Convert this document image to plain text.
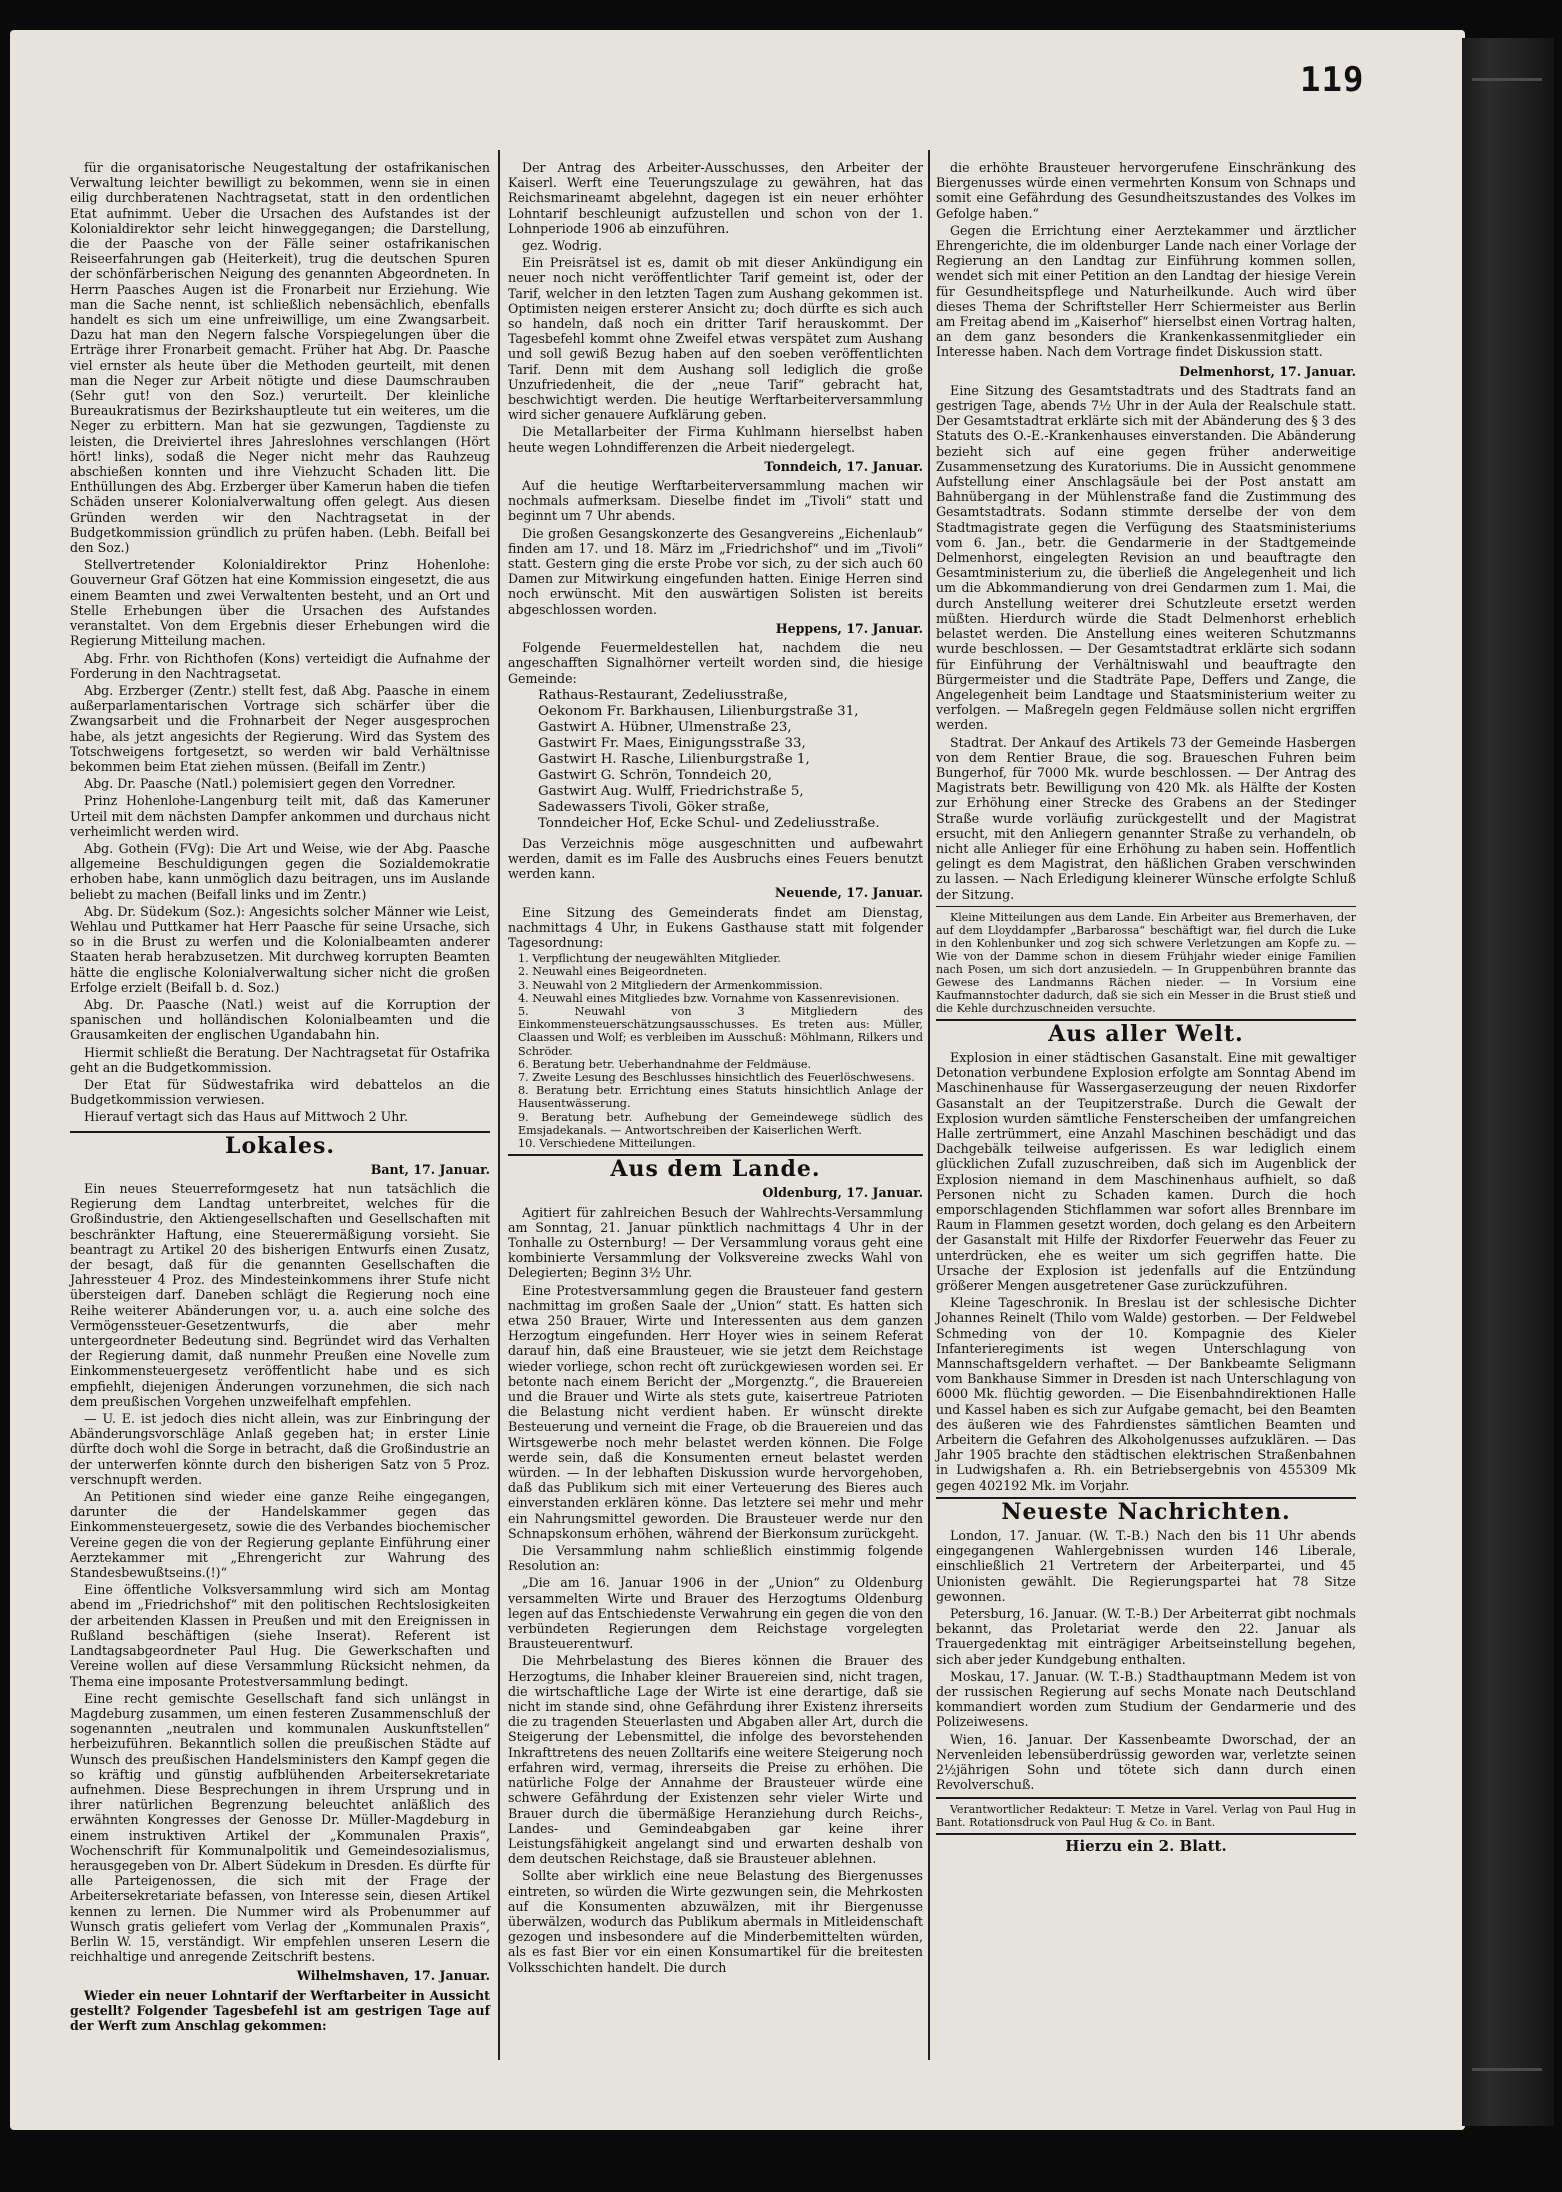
119

für die organisatorische Neugestaltung der ostafrikanischen Verwaltung leichter bewilligt zu bekommen, wenn sie in einen eilig durchberatenen Nachtragsetat, statt in den ordentlichen Etat aufnimmt. Ueber die Ursachen des Aufstandes ist der Kolonialdirektor sehr leicht hinweggegangen; die Darstellung, die der Paasche von der Fälle seiner ostafrikanischen Reiseerfahrungen gab (Heiterkeit), trug die deutschen Spuren der schönfärberischen Neigung des genannten Abgeordneten. In Herrn Paasches Augen ist die Fronarbeit nur Erziehung. Wie man die Sache nennt, ist schließlich nebensächlich, ebenfalls handelt es sich um eine unfreiwillige, um eine Zwangsarbeit. Dazu hat man den Negern falsche Vorspiegelungen über die Erträge ihrer Fronarbeit gemacht. Früher hat Abg. Dr. Paasche viel ernster als heute über die Methoden geurteilt, mit denen man die Neger zur Arbeit nötigte und diese Daumschrauben (Sehr gut! von den Soz.) verurteilt. Der kleinliche Bureaukratismus der Bezirkshauptleute tut ein weiteres, um die Neger zu erbittern. Man hat sie gezwungen, Tagdienste zu leisten, die Dreiviertel ihres Jahreslohnes verschlangen (Hört hört! links), sodaß die Neger nicht mehr das Rauhzeug abschießen konnten und ihre Viehzucht Schaden litt. Die Enthüllungen des Abg. Erzberger über Kamerun haben die tiefen Schäden unserer Kolonialverwaltung offen gelegt. Aus diesen Gründen werden wir den Nachtragsetat in der Budgetkommission gründlich zu prüfen haben. (Lebh. Beifall bei den Soz.)

Stellvertretender Kolonialdirektor Prinz Hohenlohe: Gouverneur Graf Götzen hat eine Kommission eingesetzt, die aus einem Beamten und zwei Verwaltenten besteht, und an Ort und Stelle Erhebungen über die Ursachen des Aufstandes veranstaltet. Von dem Ergebnis dieser Erhebungen wird die Regierung Mitteilung machen.

Abg. Frhr. von Richthofen (Kons) verteidigt die Aufnahme der Forderung in den Nachtragsetat.

Abg. Erzberger (Zentr.) stellt fest, daß Abg. Paasche in einem außerparlamentarischen Vortrage sich schärfer über die Zwangsarbeit und die Frohnarbeit der Neger ausgesprochen habe, als jetzt angesichts der Regierung. Wird das System des Totschweigens fortgesetzt, so werden wir bald Verhältnisse bekommen beim Etat ziehen müssen. (Beifall im Zentr.)

Abg. Dr. Paasche (Natl.) polemisiert gegen den Vorredner.

Prinz Hohenlohe-Langenburg teilt mit, daß das Kameruner Urteil mit dem nächsten Dampfer ankommen und durchaus nicht verheimlicht werden wird.

Abg. Gothein (FVg): Die Art und Weise, wie der Abg. Paasche allgemeine Beschuldigungen gegen die Sozialdemokratie erhoben habe, kann unmöglich dazu beitragen, uns im Auslande beliebt zu machen (Beifall links und im Zentr.)

Abg. Dr. Südekum (Soz.): Angesichts solcher Männer wie Leist, Wehlau und Puttkamer hat Herr Paasche für seine Ursache, sich so in die Brust zu werfen und die Kolonialbeamten anderer Staaten herab herabzusetzen. Mit durchweg korrupten Beamten hätte die englische Kolonialverwaltung sicher nicht die großen Erfolge erzielt (Beifall b. d. Soz.)

Abg. Dr. Paasche (Natl.) weist auf die Korruption der spanischen und holländischen Kolonialbeamten und die Grausamkeiten der englischen Ugandabahn hin.

Hiermit schließt die Beratung. Der Nachtragsetat für Ostafrika geht an die Budgetkommission.

Der Etat für Südwestafrika wird debattelos an die Budgetkommission verwiesen.

Hierauf vertagt sich das Haus auf Mittwoch 2 Uhr.

Lokales.
Bant, 17. Januar.

Ein neues Steuerreformgesetz hat nun tatsächlich die Regierung dem Landtag unterbreitet, welches für die Großindustrie, den Aktiengesellschaften und Gesellschaften mit beschränkter Haftung, eine Steuerermäßigung vorsieht. Sie beantragt zu Artikel 20 des bisherigen Entwurfs einen Zusatz, der besagt, daß für die genannten Gesellschaften die Jahressteuer 4 Proz. des Mindesteinkommens ihrer Stufe nicht übersteigen darf. Daneben schlägt die Regierung noch eine Reihe weiterer Abänderungen vor, u. a. auch eine solche des Vermögenssteuer-Gesetzentwurfs, die aber mehr untergeordneter Bedeutung sind. Begründet wird das Verhalten der Regierung damit, daß nunmehr Preußen eine Novelle zum Einkommensteuergesetz veröffentlicht habe und es sich empfiehlt, diejenigen Änderungen vorzunehmen, die sich nach dem preußischen Vorgehen unzweifelhaft empfehlen.

— U. E. ist jedoch dies nicht allein, was zur Einbringung der Abänderungsvorschläge Anlaß gegeben hat; in erster Linie dürfte doch wohl die Sorge in betracht, daß die Großindustrie an der unterwerfen könnte durch den bisherigen Satz von 5 Proz. verschnupft werden.

An Petitionen sind wieder eine ganze Reihe eingegangen, darunter die der Handelskammer gegen das Einkommensteuergesetz, sowie die des Verbandes biochemischer Vereine gegen die von der Regierung geplante Einführung einer Aerztekammer mit „Ehrengericht zur Wahrung des Standesbewußtseins.(!)“

Eine öffentliche Volksversammlung wird sich am Montag abend im „Friedrichshof“ mit den politischen Rechtslosigkeiten der arbeitenden Klassen in Preußen und mit den Ereignissen in Rußland beschäftigen (siehe Inserat). Referent ist Landtagsabgeordneter Paul Hug. Die Gewerkschaften und Vereine wollen auf diese Versammlung Rücksicht nehmen, da Thema eine imposante Protestversammlung bedingt.

Eine recht gemischte Gesellschaft fand sich unlängst in Magdeburg zusammen, um einen festeren Zusammenschluß der sogenannten „neutralen und kommunalen Auskunftstellen“ herbeizuführen. Bekanntlich sollen die preußischen Städte auf Wunsch des preußischen Handelsministers den Kampf gegen die so kräftig und günstig aufblühenden Arbeitersekretariate aufnehmen. Diese Besprechungen in ihrem Ursprung und in ihrer natürlichen Begrenzung beleuchtet anläßlich des erwähnten Kongresses der Genosse Dr. Müller-Magdeburg in einem instruktiven Artikel der „Kommunalen Praxis“, Wochenschrift für Kommunalpolitik und Gemeindesozialismus, herausgegeben von Dr. Albert Südekum in Dresden. Es dürfte für alle Parteigenossen, die sich mit der Frage der Arbeitersekretariate befassen, von Interesse sein, diesen Artikel kennen zu lernen. Die Nummer wird als Probenummer auf Wunsch gratis geliefert vom Verlag der „Kommunalen Praxis“, Berlin W. 15, verständigt. Wir empfehlen unseren Lesern die reichhaltige und anregende Zeitschrift bestens.

Wilhelmshaven, 17. Januar.

Wieder ein neuer Lohntarif der Werftarbeiter in Aussicht gestellt? Folgender Tagesbefehl ist am gestrigen Tage auf der Werft zum Anschlag gekommen:

Der Antrag des Arbeiter-Ausschusses, den Arbeiter der Kaiserl. Werft eine Teuerungszulage zu gewähren, hat das Reichsmarineamt abgelehnt, dagegen ist ein neuer erhöhter Lohntarif beschleunigt aufzustellen und schon von der 1. Lohnperiode 1906 ab einzuführen.

gez. Wodrig.

Ein Preisrätsel ist es, damit ob mit dieser Ankündigung ein neuer noch nicht veröffentlichter Tarif gemeint ist, oder der Tarif, welcher in den letzten Tagen zum Aushang gekommen ist. Optimisten neigen ersterer Ansicht zu; doch dürfte es sich auch so handeln, daß noch ein dritter Tarif herauskommt. Der Tagesbefehl kommt ohne Zweifel etwas verspätet zum Aushang und soll gewiß Bezug haben auf den soeben veröffentlichten Tarif. Denn mit dem Aushang soll lediglich die große Unzufriedenheit, die der „neue Tarif“ gebracht hat, beschwichtigt werden. Die heutige Werftarbeiterversammlung wird sicher genauere Aufklärung geben.

Die Metallarbeiter der Firma Kuhlmann hierselbst haben heute wegen Lohndifferenzen die Arbeit niedergelegt.

Tonndeich, 17. Januar.

Auf die heutige Werftarbeiterversammlung machen wir nochmals aufmerksam. Dieselbe findet im „Tivoli“ statt und beginnt um 7 Uhr abends.

Die großen Gesangskonzerte des Gesangvereins „Eichenlaub“ finden am 17. und 18. März im „Friedrichshof“ und im „Tivoli“ statt. Gestern ging die erste Probe vor sich, zu der sich auch 60 Damen zur Mitwirkung eingefunden hatten. Einige Herren sind noch erwünscht. Mit den auswärtigen Solisten ist bereits abgeschlossen worden.

Heppens, 17. Januar.

Folgende Feuermeldestellen hat, nachdem die neu angeschafften Signalhörner verteilt worden sind, die hiesige Gemeinde:

Rathaus-Restaurant, Zedeliusstraße,
Oekonom Fr. Barkhausen, Lilienburgstraße 31,
Gastwirt A. Hübner, Ulmenstraße 23,
Gastwirt Fr. Maes, Einigungsstraße 33,
Gastwirt H. Rasche, Lilienburgstraße 1,
Gastwirt G. Schrön, Tonndeich 20,
Gastwirt Aug. Wulff, Friedrichstraße 5,
Sadewassers Tivoli, Göker straße,
Tonndeicher Hof, Ecke Schul- und Zedeliusstraße.

Das Verzeichnis möge ausgeschnitten und aufbewahrt werden, damit es im Falle des Ausbruchs eines Feuers benutzt werden kann.

Neuende, 17. Januar.

Eine Sitzung des Gemeinderats findet am Dienstag, nachmittags 4 Uhr, in Eukens Gasthause statt mit folgender Tagesordnung:

1. Verpflichtung der neugewählten Mitglieder.
2. Neuwahl eines Beigeordneten.
3. Neuwahl von 2 Mitgliedern der Armenkommission.
4. Neuwahl eines Mitgliedes bzw. Vornahme von Kassenrevisionen.
5. Neuwahl von 3 Mitgliedern des Einkommensteuerschätzungsausschusses. Es treten aus: Müller, Claassen und Wolf; es verbleiben im Ausschuß: Möhlmann, Rilkers und Schröder.
6. Beratung betr. Ueberhandnahme der Feldmäuse.
7. Zweite Lesung des Beschlusses hinsichtlich des Feuerlöschwesens.
8. Beratung betr. Errichtung eines Statuts hinsichtlich Anlage der Hausentwässerung.
9. Beratung betr. Aufhebung der Gemeindewege südlich des Emsjadekanals. — Antwortschreiben der Kaiserlichen Werft.
10. Verschiedene Mitteilungen.
Aus dem Lande.
Oldenburg, 17. Januar.

Agitiert für zahlreichen Besuch der Wahlrechts-Versammlung am Sonntag, 21. Januar pünktlich nachmittags 4 Uhr in der Tonhalle zu Osternburg! — Der Versammlung voraus geht eine kombinierte Versammlung der Volksvereine zwecks Wahl von Delegierten; Beginn 3½ Uhr.

Eine Protestversammlung gegen die Brausteuer fand gestern nachmittag im großen Saale der „Union“ statt. Es hatten sich etwa 250 Brauer, Wirte und Interessenten aus dem ganzen Herzogtum eingefunden. Herr Hoyer wies in seinem Referat darauf hin, daß eine Brausteuer, wie sie jetzt dem Reichstage wieder vorliege, schon recht oft zurückgewiesen worden sei. Er betonte nach einem Bericht der „Morgenztg.“, die Brauereien und die Brauer und Wirte als stets gute, kaisertreue Patrioten die Belastung nicht verdient haben. Er wünscht direkte Besteuerung und verneint die Frage, ob die Brauereien und das Wirtsgewerbe noch mehr belastet werden können. Die Folge werde sein, daß die Konsumenten erneut belastet werden würden. — In der lebhaften Diskussion wurde hervorgehoben, daß das Publikum sich mit einer Verteuerung des Bieres auch einverstanden erklären könne. Das letztere sei mehr und mehr ein Nahrungsmittel geworden. Die Brausteuer werde nur den Schnapskonsum erhöhen, während der Bierkonsum zurückgeht.

Die Versammlung nahm schließlich einstimmig folgende Resolution an:

„Die am 16. Januar 1906 in der „Union“ zu Oldenburg versammelten Wirte und Brauer des Herzogtums Oldenburg legen auf das Entschiedenste Verwahrung ein gegen die von den verbündeten Regierungen dem Reichstage vorgelegten Brausteuerentwurf.

Die Mehrbelastung des Bieres können die Brauer des Herzogtums, die Inhaber kleiner Brauereien sind, nicht tragen, die wirtschaftliche Lage der Wirte ist eine derartige, daß sie nicht im stande sind, ohne Gefährdung ihrer Existenz ihrerseits die zu tragenden Steuerlasten und Abgaben aller Art, durch die Steigerung der Lebensmittel, die infolge des bevorstehenden Inkrafttretens des neuen Zolltarifs eine weitere Steigerung noch erfahren wird, vermag, ihrerseits die Preise zu erhöhen. Die natürliche Folge der Annahme der Brausteuer würde eine schwere Gefährdung der Existenzen sehr vieler Wirte und Brauer durch die übermäßige Heranziehung durch Reichs-, Landes- und Gemindeabgaben gar keine ihrer Leistungsfähigkeit angelangt sind und erwarten deshalb von dem deutschen Reichstage, daß sie Brausteuer ablehnen.

Sollte aber wirklich eine neue Belastung des Biergenusses eintreten, so würden die Wirte gezwungen sein, die Mehrkosten auf die Konsumenten abzuwälzen, mit ihr Biergenusse überwälzen, wodurch das Publikum abermals in Mitleidenschaft gezogen und insbesondere auf die Minderbemittelten würden, als es fast Bier vor ein einen Konsumartikel für die breitesten Volksschichten handelt. Die durch

die erhöhte Brausteuer hervorgerufene Einschränkung des Biergenusses würde einen vermehrten Konsum von Schnaps und somit eine Gefährdung des Gesundheitszustandes des Volkes im Gefolge haben.“

Gegen die Errichtung einer Aerztekammer und ärztlicher Ehrengerichte, die im oldenburger Lande nach einer Vorlage der Regierung an den Landtag zur Einführung kommen sollen, wendet sich mit einer Petition an den Landtag der hiesige Verein für Gesundheitspflege und Naturheilkunde. Auch wird über dieses Thema der Schriftsteller Herr Schiermeister aus Berlin am Freitag abend im „Kaiserhof“ hierselbst einen Vortrag halten, an dem ganz besonders die Krankenkassenmitglieder ein Interesse haben. Nach dem Vortrage findet Diskussion statt.

Delmenhorst, 17. Januar.

Eine Sitzung des Gesamtstadtrats und des Stadtrats fand an gestrigen Tage, abends 7½ Uhr in der Aula der Realschule statt. Der Gesamtstadtrat erklärte sich mit der Abänderung des § 3 des Statuts des O.-E.-Krankenhauses einverstanden. Die Abänderung bezieht sich auf eine gegen früher anderweitige Zusammensetzung des Kuratoriums. Die in Aussicht genommene Aufstellung einer Anschlagsäule bei der Post anstatt am Bahnübergang in der Mühlenstraße fand die Zustimmung des Gesamtstadtrats. Sodann stimmte derselbe der von dem Stadtmagistrate gegen die Verfügung des Staatsministeriums vom 6. Jan., betr. die Gendarmerie in der Stadtgemeinde Delmenhorst, eingelegten Revision an und beauftragte den Gesamtministerium zu, die überließ die Angelegenheit und lich um die Abkommandierung von drei Gendarmen zum 1. Mai, die durch Anstellung weiterer drei Schutzleute ersetzt werden müßten. Hierdurch würde die Stadt Delmenhorst erheblich belastet werden. Die Anstellung eines weiteren Schutzmanns wurde beschlossen. — Der Gesamtstadtrat erklärte sich sodann für Einführung der Verhältniswahl und beauftragte den Bürgermeister und die Stadträte Pape, Deffers und Zange, die Angelegenheit beim Landtage und Staatsministerium weiter zu verfolgen. — Maßregeln gegen Feldmäuse sollen nicht ergriffen werden.

Stadtrat. Der Ankauf des Artikels 73 der Gemeinde Hasbergen von dem Rentier Braue, die sog. Braueschen Fuhren beim Bungerhof, für 7000 Mk. wurde beschlossen. — Der Antrag des Magistrats betr. Bewilligung von 420 Mk. als Hälfte der Kosten zur Erhöhung einer Strecke des Grabens an der Stedinger Straße wurde vorläufig zurückgestellt und der Magistrat ersucht, mit den Anliegern genannter Straße zu verhandeln, ob nicht alle Anlieger für eine Erhöhung zu haben sein. Hoffentlich gelingt es dem Magistrat, den häßlichen Graben verschwinden zu lassen. — Nach Erledigung kleinerer Wünsche erfolgte Schluß der Sitzung.

Kleine Mitteilungen aus dem Lande. Ein Arbeiter aus Bremerhaven, der auf dem Lloyddampfer „Barbarossa“ beschäftigt war, fiel durch die Luke in den Kohlenbunker und zog sich schwere Verletzungen am Kopfe zu. — Wie von der Damme schon in diesem Frühjahr wieder einige Familien nach Posen, um sich dort anzusiedeln. — In Gruppenbühren brannte das Gewese des Landmanns Rächen nieder. — In Vorsium eine Kaufmannstochter dadurch, daß sie sich ein Messer in die Brust stieß und die Kehle durchzuschneiden versuchte.

Aus aller Welt.

Explosion in einer städtischen Gasanstalt. Eine mit gewaltiger Detonation verbundene Explosion erfolgte am Sonntag Abend im Maschinenhause für Wassergaserzeugung der neuen Rixdorfer Gasanstalt an der Teupitzerstraße. Durch die Gewalt der Explosion wurden sämtliche Fensterscheiben der umfangreichen Halle zertrümmert, eine Anzahl Maschinen beschädigt und das Dachgebälk teilweise aufgerissen. Es war lediglich einem glücklichen Zufall zuzuschreiben, daß sich im Augenblick der Explosion niemand in dem Maschinenhaus aufhielt, so daß Personen nicht zu Schaden kamen. Durch die hoch emporschlagenden Stichflammen war sofort alles Brennbare im Raum in Flammen gesetzt worden, doch gelang es den Arbeitern der Gasanstalt mit Hilfe der Rixdorfer Feuerwehr das Feuer zu unterdrücken, ehe es weiter um sich gegriffen hatte. Die Ursache der Explosion ist jedenfalls auf die Entzündung größerer Mengen ausgetretener Gase zurückzuführen.

Kleine Tageschronik. In Breslau ist der schlesische Dichter Johannes Reinelt (Thilo vom Walde) gestorben. — Der Feldwebel Schmeding von der 10. Kompagnie des Kieler Infanterieregiments ist wegen Unterschlagung von Mannschaftsgeldern verhaftet. — Der Bankbeamte Seligmann vom Bankhause Simmer in Dresden ist nach Unterschlagung von 6000 Mk. flüchtig geworden. — Die Eisenbahndirektionen Halle und Kassel haben es sich zur Aufgabe gemacht, bei den Beamten des äußeren wie des Fahrdienstes sämtlichen Beamten und Arbeitern die Gefahren des Alkoholgenusses aufzuklären. — Das Jahr 1905 brachte den städtischen elektrischen Straßenbahnen in Ludwigshafen a. Rh. ein Betriebsergebnis von 455309 Mk gegen 402192 Mk. im Vorjahr.

Neueste Nachrichten.

London, 17. Januar. (W. T.-B.) Nach den bis 11 Uhr abends eingegangenen Wahlergebnissen wurden 146 Liberale, einschließlich 21 Vertretern der Arbeiterpartei, und 45 Unionisten gewählt. Die Regierungspartei hat 78 Sitze gewonnen.

Petersburg, 16. Januar. (W. T.-B.) Der Arbeiterrat gibt nochmals bekannt, das Proletariat werde den 22. Januar als Trauergedenktag mit einträgiger Arbeitseinstellung begehen, sich aber jeder Kundgebung enthalten.

Moskau, 17. Januar. (W. T.-B.) Stadthauptmann Medem ist von der russischen Regierung auf sechs Monate nach Deutschland kommandiert worden zum Studium der Gendarmerie und des Polizeiwesens.

Wien, 16. Januar. Der Kassenbeamte Dworschad, der an Nervenleiden lebensüberdrüssig geworden war, verletzte seinen 2½jährigen Sohn und tötete sich dann durch einen Revolverschuß.

Verantwortlicher Redakteur: T. Metze in Varel. Verlag von Paul Hug in Bant. Rotationsdruck von Paul Hug & Co. in Bant.

Hierzu ein 2. Blatt.
